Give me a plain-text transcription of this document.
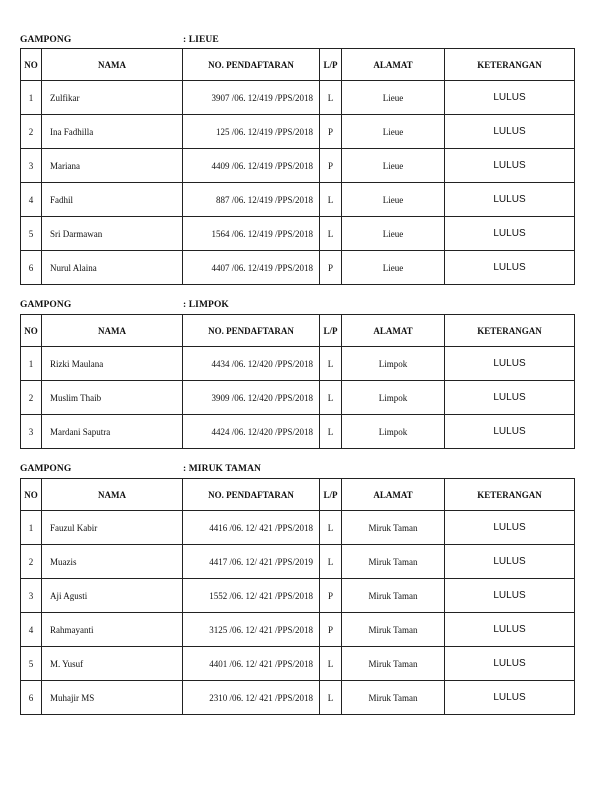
GAMPONG	: LIEUE
NO	NAMA	NO. PENDAFTARAN	L/P	ALAMAT	KETERANGAN
1	Zulfikar	3907 /06. 12/419 /PPS/2018	L	Lieue	LULUS
2	Ina Fadhilla	125 /06. 12/419 /PPS/2018	P	Lieue	LULUS
3	Mariana	4409 /06. 12/419 /PPS/2018	P	Lieue	LULUS
4	Fadhil	887 /06. 12/419 /PPS/2018	L	Lieue	LULUS
5	Sri Darmawan	1564 /06. 12/419 /PPS/2018	L	Lieue	LULUS
6	Nurul Alaina	4407 /06. 12/419 /PPS/2018	P	Lieue	LULUS
GAMPONG	: LIMPOK
NO	NAMA	NO. PENDAFTARAN	L/P	ALAMAT	KETERANGAN
1	Rizki Maulana	4434 /06. 12/420 /PPS/2018	L	Limpok	LULUS
2	Muslim Thaib	3909 /06. 12/420 /PPS/2018	L	Limpok	LULUS
3	Mardani Saputra	4424 /06. 12/420 /PPS/2018	L	Limpok	LULUS
GAMPONG	: MIRUK TAMAN
NO	NAMA	NO. PENDAFTARAN	L/P	ALAMAT	KETERANGAN
1	Fauzul Kabir	4416 /06. 12/ 421 /PPS/2018	L	Miruk Taman	LULUS
2	Muazis	4417 /06. 12/ 421 /PPS/2019	L	Miruk Taman	LULUS
3	Aji Agusti	1552 /06. 12/ 421 /PPS/2018	P	Miruk Taman	LULUS
4	Rahmayanti	3125 /06. 12/ 421 /PPS/2018	P	Miruk Taman	LULUS
5	M. Yusuf	4401 /06. 12/ 421 /PPS/2018	L	Miruk Taman	LULUS
6	Muhajir MS	2310 /06. 12/ 421 /PPS/2018	L	Miruk Taman	LULUS
